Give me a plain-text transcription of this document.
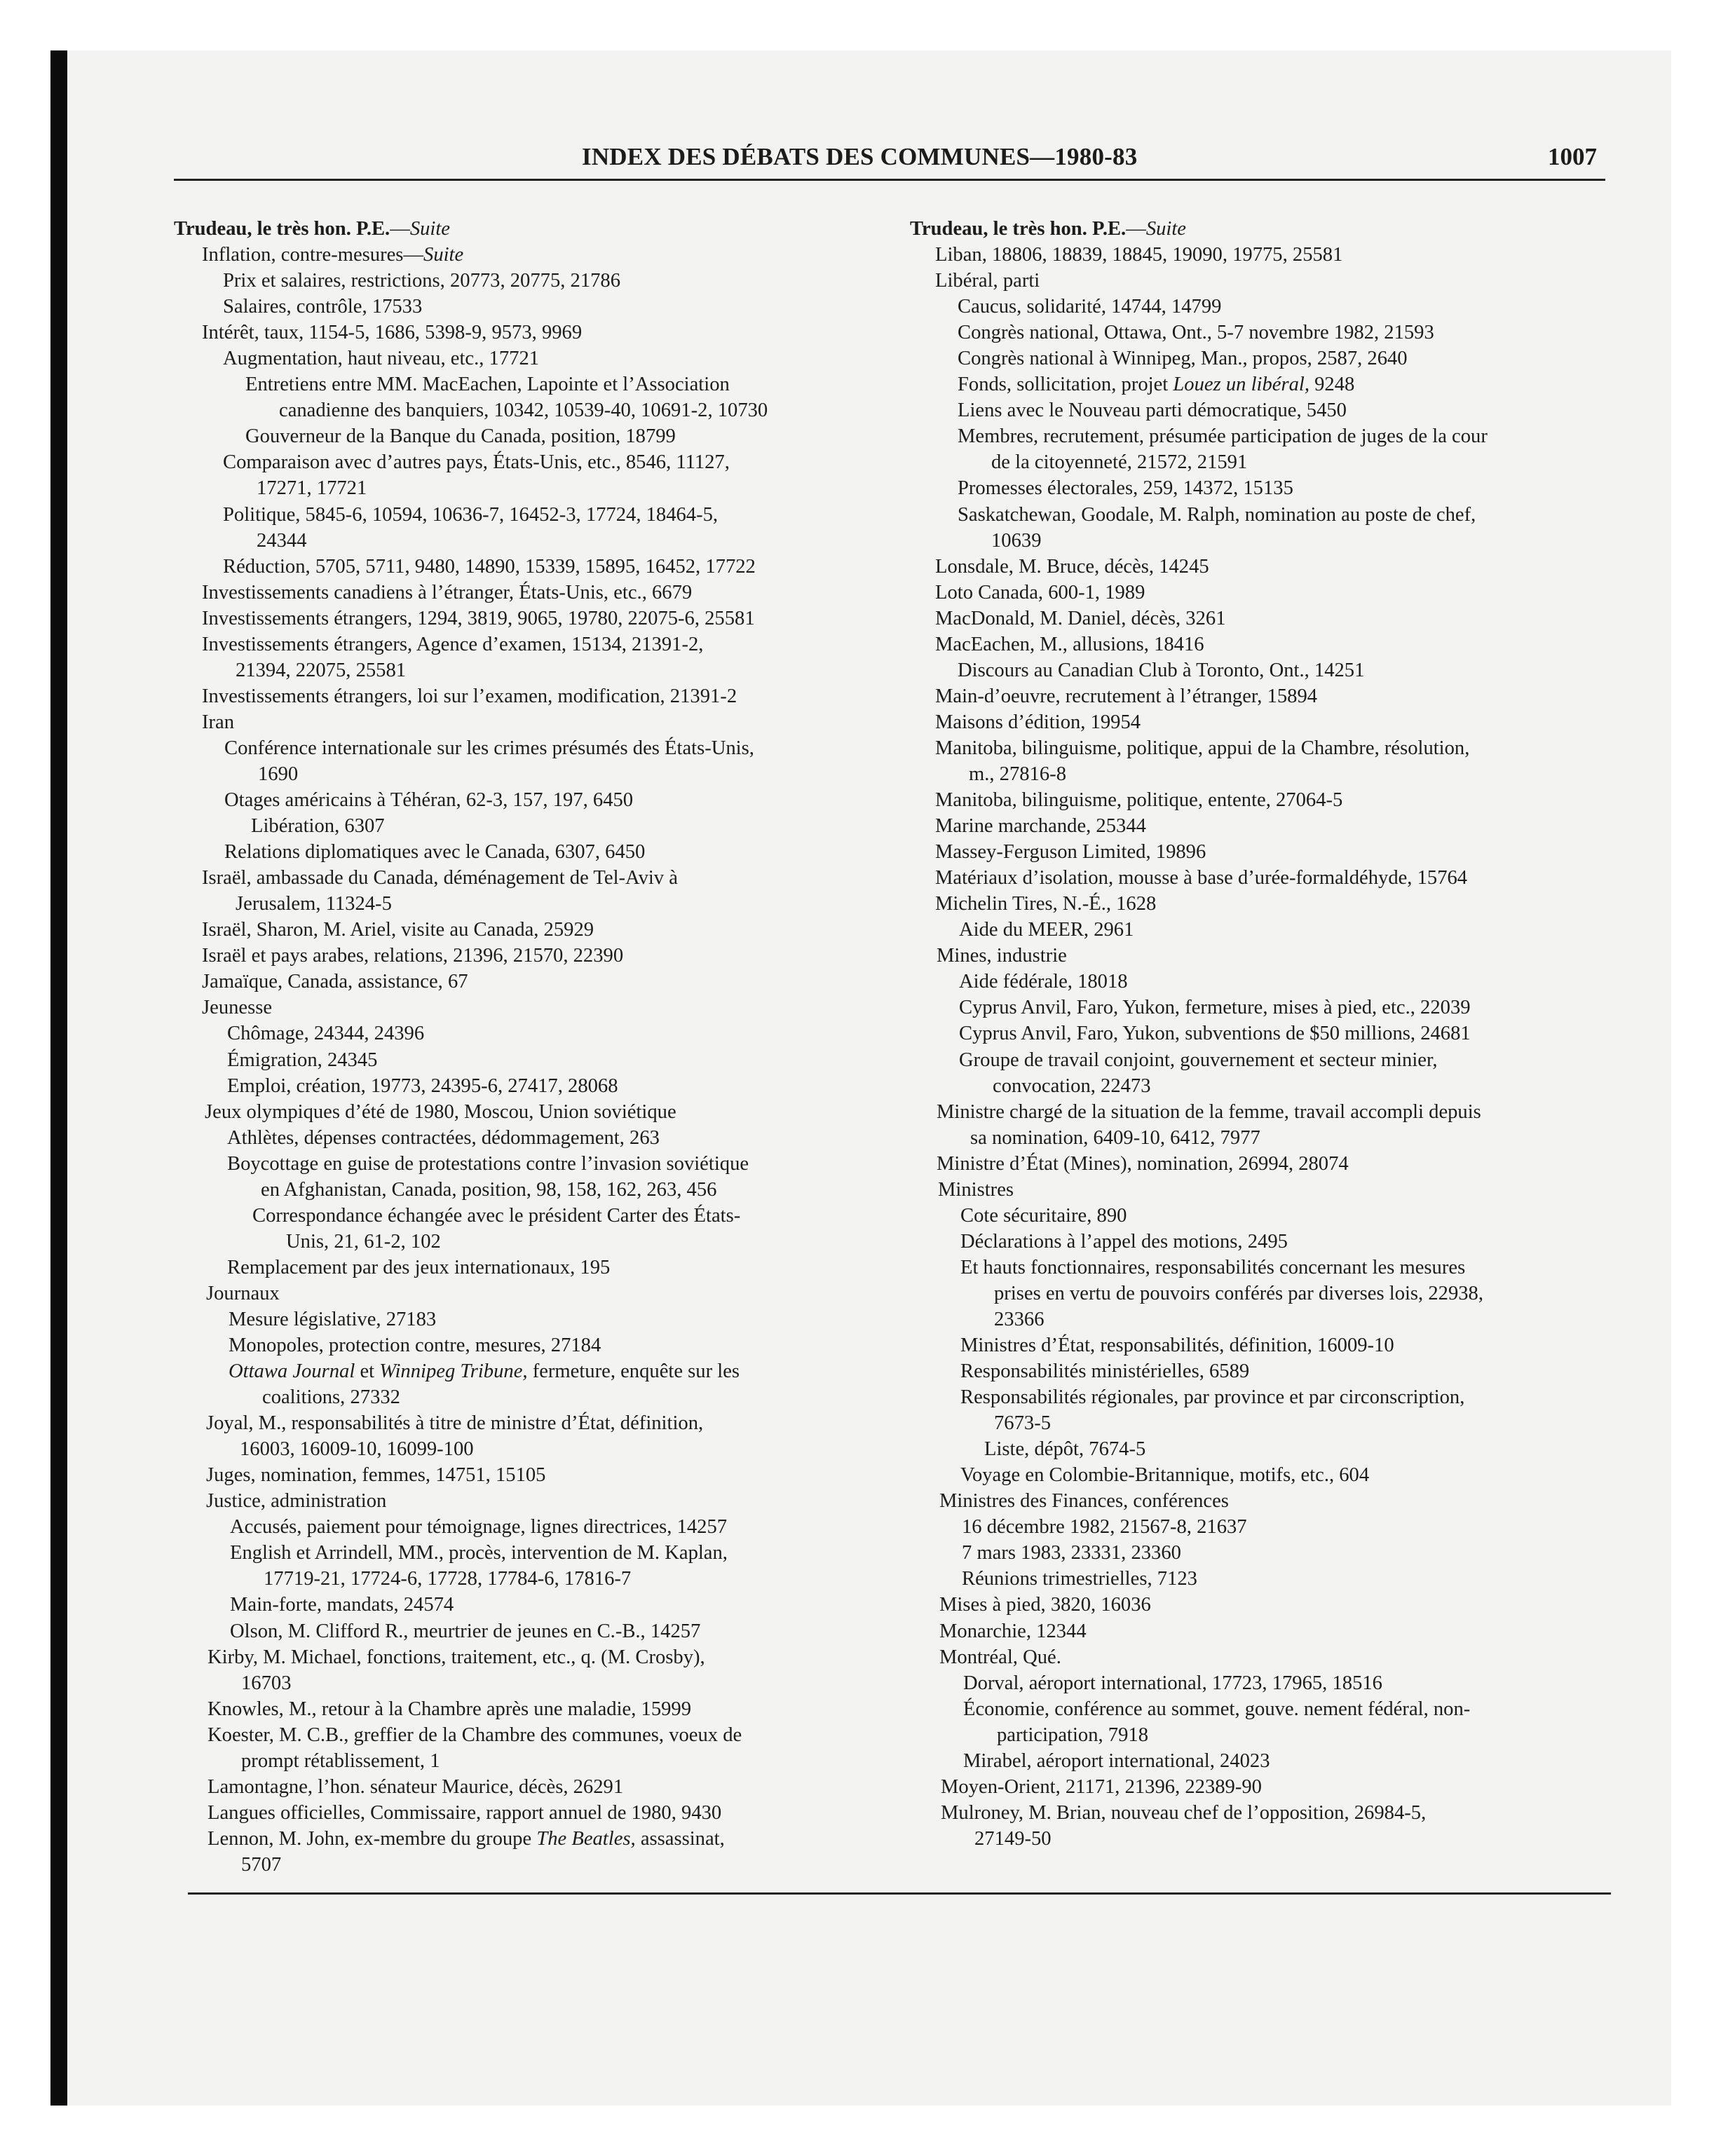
INDEX DES DÉBATS DES COMMUNES—1980-83	1007
Trudeau, le très hon. P.E.—Suite
Inflation, contre-mesures—Suite
Prix et salaires, restrictions, 20773, 20775, 21786
Salaires, contrôle, 17533
Intérêt, taux, 1154-5, 1686, 5398-9, 9573, 9969
Augmentation, haut niveau, etc., 17721
Entretiens entre MM. MacEachen, Lapointe et l’Association
canadienne des banquiers, 10342, 10539-40, 10691-2, 10730
Gouverneur de la Banque du Canada, position, 18799
Comparaison avec d’autres pays, États-Unis, etc., 8546, 11127,
17271, 17721
Politique, 5845-6, 10594, 10636-7, 16452-3, 17724, 18464-5,
24344
Réduction, 5705, 5711, 9480, 14890, 15339, 15895, 16452, 17722
Investissements canadiens à l’étranger, États-Unis, etc., 6679
Investissements étrangers, 1294, 3819, 9065, 19780, 22075-6, 25581
Investissements étrangers, Agence d’examen, 15134, 21391-2,
21394, 22075, 25581
Investissements étrangers, loi sur l’examen, modification, 21391-2
Iran
Conférence internationale sur les crimes présumés des États-Unis,
1690
Otages américains à Téhéran, 62-3, 157, 197, 6450
Libération, 6307
Relations diplomatiques avec le Canada, 6307, 6450
Israël, ambassade du Canada, déménagement de Tel-Aviv à
Jerusalem, 11324-5
Israël, Sharon, M. Ariel, visite au Canada, 25929
Israël et pays arabes, relations, 21396, 21570, 22390
Jamaïque, Canada, assistance, 67
Jeunesse
Chômage, 24344, 24396
Émigration, 24345
Emploi, création, 19773, 24395-6, 27417, 28068
Jeux olympiques d’été de 1980, Moscou, Union soviétique
Athlètes, dépenses contractées, dédommagement, 263
Boycottage en guise de protestations contre l’invasion soviétique
en Afghanistan, Canada, position, 98, 158, 162, 263, 456
Correspondance échangée avec le président Carter des États-
Unis, 21, 61-2, 102
Remplacement par des jeux internationaux, 195
Journaux
Mesure législative, 27183
Monopoles, protection contre, mesures, 27184
Ottawa Journal et Winnipeg Tribune, fermeture, enquête sur les
coalitions, 27332
Joyal, M., responsabilités à titre de ministre d’État, définition,
16003, 16009-10, 16099-100
Juges, nomination, femmes, 14751, 15105
Justice, administration
Accusés, paiement pour témoignage, lignes directrices, 14257
English et Arrindell, MM., procès, intervention de M. Kaplan,
17719-21, 17724-6, 17728, 17784-6, 17816-7
Main-forte, mandats, 24574
Olson, M. Clifford R., meurtrier de jeunes en C.-B., 14257
Kirby, M. Michael, fonctions, traitement, etc., q. (M. Crosby),
16703
Knowles, M., retour à la Chambre après une maladie, 15999
Koester, M. C.B., greffier de la Chambre des communes, voeux de
prompt rétablissement, 1
Lamontagne, l’hon. sénateur Maurice, décès, 26291
Langues officielles, Commissaire, rapport annuel de 1980, 9430
Lennon, M. John, ex-membre du groupe The Beatles, assassinat,
5707
Trudeau, le très hon. P.E.—Suite
Liban, 18806, 18839, 18845, 19090, 19775, 25581
Libéral, parti
Caucus, solidarité, 14744, 14799
Congrès national, Ottawa, Ont., 5-7 novembre 1982, 21593
Congrès national à Winnipeg, Man., propos, 2587, 2640
Fonds, sollicitation, projet Louez un libéral, 9248
Liens avec le Nouveau parti démocratique, 5450
Membres, recrutement, présumée participation de juges de la cour
de la citoyenneté, 21572, 21591
Promesses électorales, 259, 14372, 15135
Saskatchewan, Goodale, M. Ralph, nomination au poste de chef,
10639
Lonsdale, M. Bruce, décès, 14245
Loto Canada, 600-1, 1989
MacDonald, M. Daniel, décès, 3261
MacEachen, M., allusions, 18416
Discours au Canadian Club à Toronto, Ont., 14251
Main-d’oeuvre, recrutement à l’étranger, 15894
Maisons d’édition, 19954
Manitoba, bilinguisme, politique, appui de la Chambre, résolution,
m., 27816-8
Manitoba, bilinguisme, politique, entente, 27064-5
Marine marchande, 25344
Massey-Ferguson Limited, 19896
Matériaux d’isolation, mousse à base d’urée-formaldéhyde, 15764
Michelin Tires, N.-É., 1628
Aide du MEER, 2961
Mines, industrie
Aide fédérale, 18018
Cyprus Anvil, Faro, Yukon, fermeture, mises à pied, etc., 22039
Cyprus Anvil, Faro, Yukon, subventions de $50 millions, 24681
Groupe de travail conjoint, gouvernement et secteur minier,
convocation, 22473
Ministre chargé de la situation de la femme, travail accompli depuis
sa nomination, 6409-10, 6412, 7977
Ministre d’État (Mines), nomination, 26994, 28074
Ministres
Cote sécuritaire, 890
Déclarations à l’appel des motions, 2495
Et hauts fonctionnaires, responsabilités concernant les mesures
prises en vertu de pouvoirs conférés par diverses lois, 22938,
23366
Ministres d’État, responsabilités, définition, 16009-10
Responsabilités ministérielles, 6589
Responsabilités régionales, par province et par circonscription,
7673-5
Liste, dépôt, 7674-5
Voyage en Colombie-Britannique, motifs, etc., 604
Ministres des Finances, conférences
16 décembre 1982, 21567-8, 21637
7 mars 1983, 23331, 23360
Réunions trimestrielles, 7123
Mises à pied, 3820, 16036
Monarchie, 12344
Montréal, Qué.
Dorval, aéroport international, 17723, 17965, 18516
Économie, conférence au sommet, gouve. nement fédéral, non-
participation, 7918
Mirabel, aéroport international, 24023
Moyen-Orient, 21171, 21396, 22389-90
Mulroney, M. Brian, nouveau chef de l’opposition, 26984-5,
27149-50
